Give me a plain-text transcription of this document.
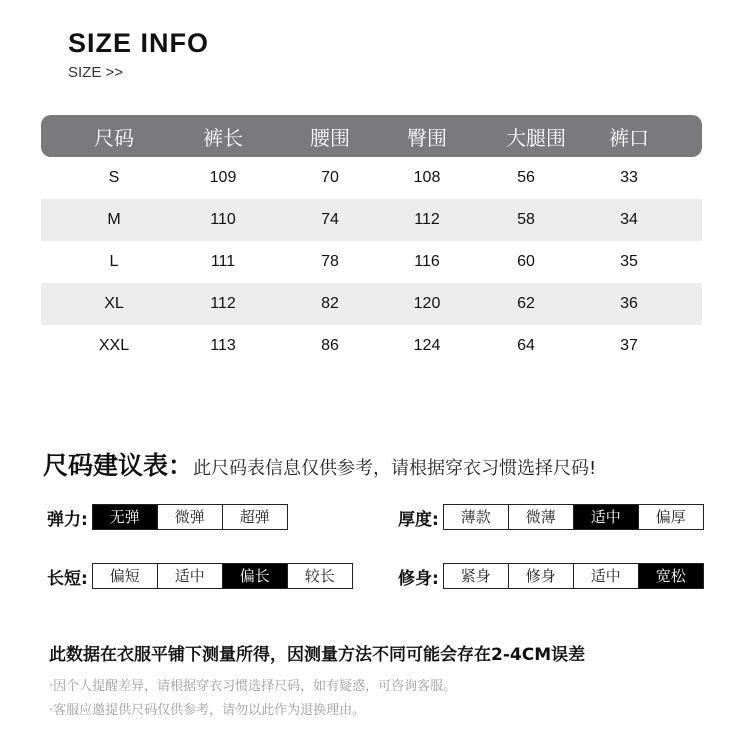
SIZE INFO
SIZE >>
尺码	裤长	腰围	臀围	大腿围 裤口
S	109	70	108	56	33
M	110	74	112	58	34
L	111	78	116	60	35
XL	112	82	120	62	36
XXL	113	86	124	64	37
尺码建议表：此尺码表信息仅供参考，请根据穿衣习惯选择尺码!
弹力:	无弹	微弹	超弹	厚度:	薄款	微薄	适中	偏厚
长短:	偏短	适中	偏长	较长	修身:	紧身	修身	适中	宽松
此数据在衣服平铺下测量所得，因测量方法不同可能会存在2-4CM误差
·因个人提醒差异，请根据穿衣习惯选择尺码，如有疑惑，可咨询客服。
·客服应邀提供尺码仅供参考，请勿以此作为退换理由。
